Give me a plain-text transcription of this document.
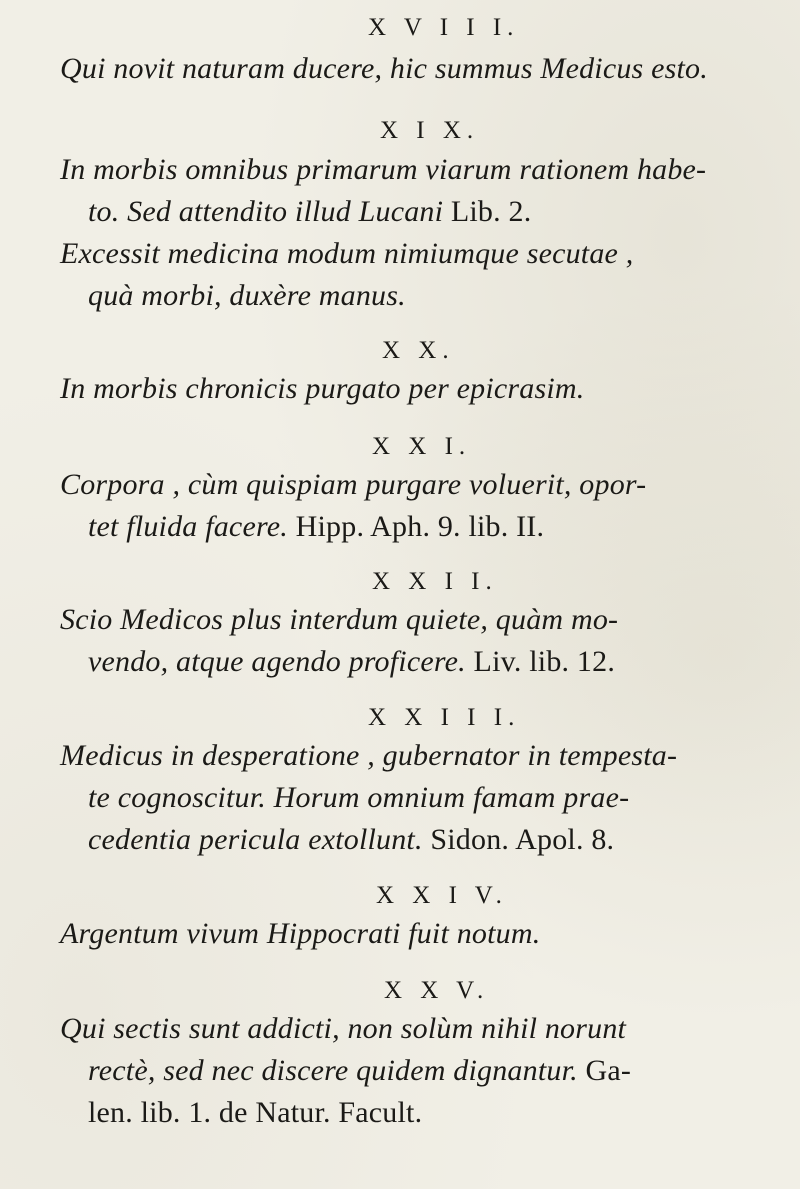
X V I I I.
Qui novit naturam ducere, hic summus Medicus esto.
X I X.
In morbis omnibus primarum viarum rationem habe-
to. Sed attendito illud Lucani Lib. 2.
Excessit medicina modum nimiumque secutae ,
quà morbi, duxère manus.
X X.
In morbis chronicis purgato per epicrasim.
X X I.
Corpora , cùm quispiam purgare voluerit, opor-
tet fluida facere. Hipp. Aph. 9. lib. II.
X X I I.
Scio Medicos plus interdum quiete, quàm mo-
vendo, atque agendo proficere. Liv. lib. 12.
X X I I I.
Medicus in desperatione , gubernator in tempesta-
te cognoscitur. Horum omnium famam prae-
cedentia pericula extollunt. Sidon. Apol. 8.
X X I V.
Argentum vivum Hippocrati fuit notum.
X X V.
Qui sectis sunt addicti, non solùm nihil norunt
rectè, sed nec discere quidem dignantur. Ga-
len. lib. 1. de Natur. Facult.
